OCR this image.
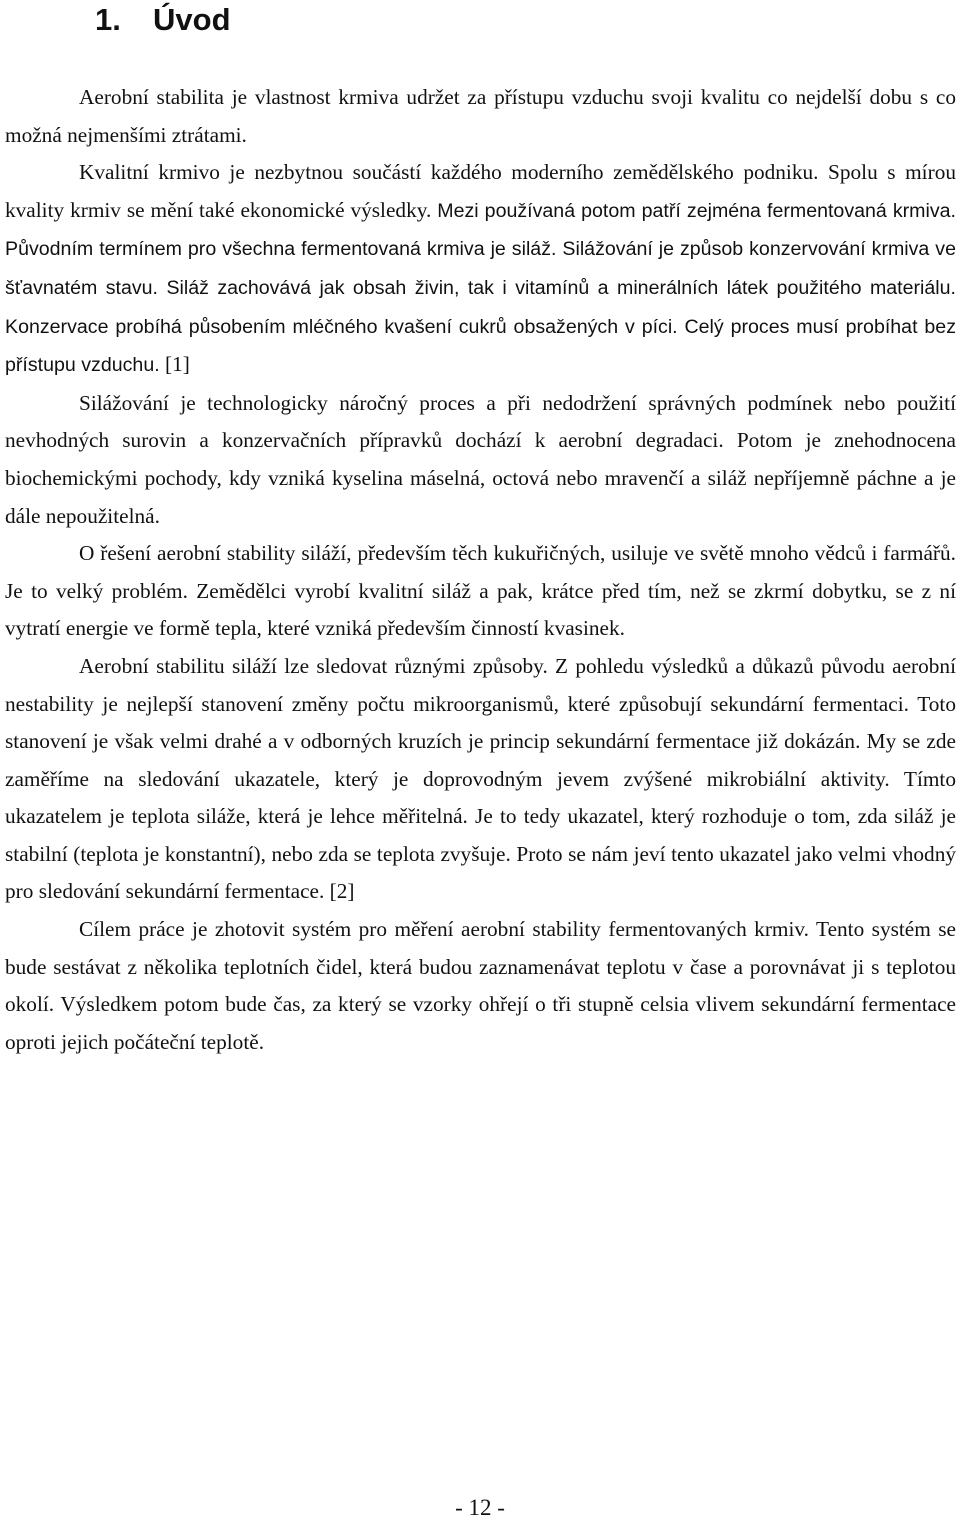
1. Úvod

Aerobní stabilita je vlastnost krmiva udržet za přístupu vzduchu svoji kvalitu co nejdelší dobu s co možná nejmenšími ztrátami.

Kvalitní krmivo je nezbytnou součástí každého moderního zemědělského podniku. Spolu s mírou kvality krmiv se mění také ekonomické výsledky. Mezi používaná potom patří zejména fermentovaná krmiva. Původním termínem pro všechna fermentovaná krmiva je siláž. Silážování je způsob konzervování krmiva ve šťavnatém stavu. Siláž zachovává jak obsah živin, tak i vitamínů a minerálních látek použitého materiálu. Konzervace probíhá působením mléčného kvašení cukrů obsažených v píci. Celý proces musí probíhat bez přístupu vzduchu. [1]

Silážování je technologicky náročný proces a při nedodržení správných podmínek nebo použití nevhodných surovin a konzervačních přípravků dochází k aerobní degradaci. Potom je znehodnocena biochemickými pochody, kdy vzniká kyselina máselná, octová nebo mravenčí a siláž nepříjemně páchne a je dále nepoužitelná.

O řešení aerobní stability siláží, především těch kukuřičných, usiluje ve světě mnoho vědců i farmářů. Je to velký problém. Zemědělci vyrobí kvalitní siláž a pak, krátce před tím, než se zkrmí dobytku, se z ní vytratí energie ve formě tepla, které vzniká především činností kvasinek.

Aerobní stabilitu siláží lze sledovat různými způsoby. Z pohledu výsledků a důkazů původu aerobní nestability je nejlepší stanovení změny počtu mikroorganismů, které způsobují sekundární fermentaci. Toto stanovení je však velmi drahé a v odborných kruzích je princip sekundární fermentace již dokázán. My se zde zaměříme na sledování ukazatele, který je doprovodným jevem zvýšené mikrobiální aktivity. Tímto ukazatelem je teplota siláže, která je lehce měřitelná. Je to tedy ukazatel, který rozhoduje o tom, zda siláž je stabilní (teplota je konstantní), nebo zda se teplota zvyšuje. Proto se nám jeví tento ukazatel jako velmi vhodný pro sledování sekundární fermentace. [2]

Cílem práce je zhotovit systém pro měření aerobní stability fermentovaných krmiv. Tento systém se bude sestávat z několika teplotních čidel, která budou zaznamenávat teplotu v čase a porovnávat ji s teplotou okolí. Výsledkem potom bude čas, za který se vzorky ohřejí o tři stupně celsia vlivem sekundární fermentace oproti jejich počáteční teplotě.

- 12 -
